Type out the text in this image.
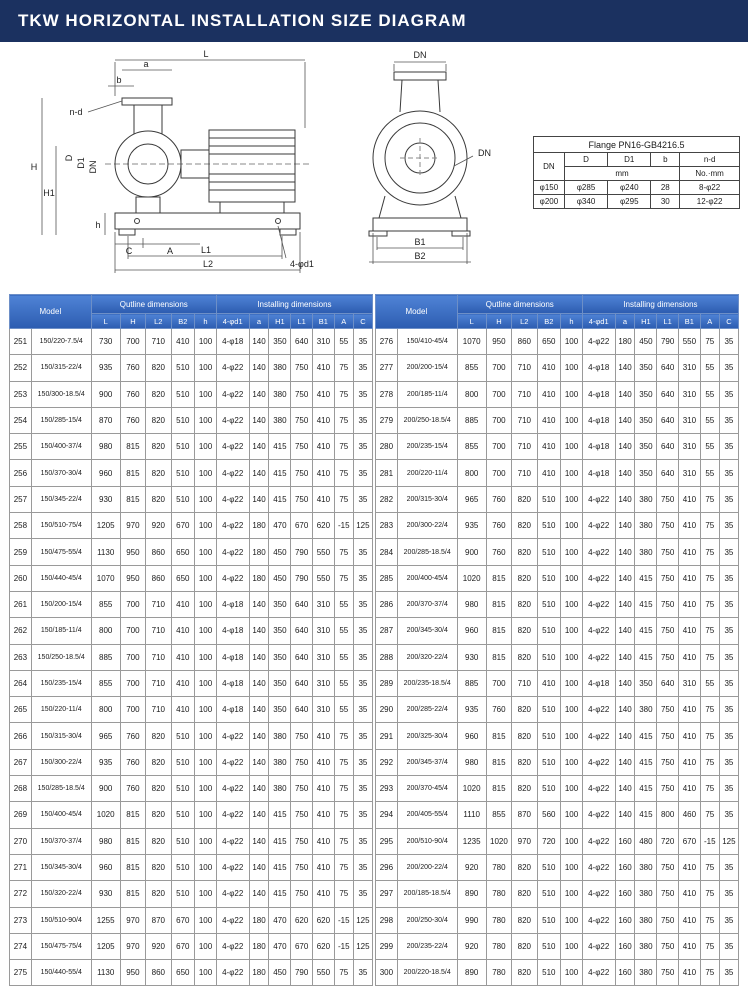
TKW HORIZONTAL INSTALLATION SIZE DIAGRAM
L
a
b
n-d
H
D D1 DN
H1
h
C	A	L1
L2	4-φd1
DN
DN
B1
B2
Flange PN16-GB4216.5				
DN	D	D1	b	n-d
	mm			No.·mm
φ150	φ285	φ240	28	8-φ22
φ200	φ340	φ295	30	12-φ22
Model		Qutline dimensions					Installing dimensions						
		L	H	L2	B2	h	4-φd1	a	H1	L1	B1	A	C
251	150/220-7.5/4	730	700	710	410	100	4-φ18	140	350	640	310	55	35
252	150/315-22/4	935	760	820	510	100	4-φ22	140	380	750	410	75	35
253	150/300-18.5/4	900	760	820	510	100	4-φ22	140	380	750	410	75	35
254	150/285-15/4	870	760	820	510	100	4-φ22	140	380	750	410	75	35
255	150/400-37/4	980	815	820	510	100	4-φ22	140	415	750	410	75	35
256	150/370-30/4	960	815	820	510	100	4-φ22	140	415	750	410	75	35
257	150/345-22/4	930	815	820	510	100	4-φ22	140	415	750	410	75	35
258	150/510-75/4	1205	970	920	670	100	4-φ22	180	470	670	620	-15	125
259	150/475-55/4	1130	950	860	650	100	4-φ22	180	450	790	550	75	35
260	150/440-45/4	1070	950	860	650	100	4-φ22	180	450	790	550	75	35
261	150/200-15/4	855	700	710	410	100	4-φ18	140	350	640	310	55	35
262	150/185-11/4	800	700	710	410	100	4-φ18	140	350	640	310	55	35
263	150/250-18.5/4	885	700	710	410	100	4-φ18	140	350	640	310	55	35
264	150/235-15/4	855	700	710	410	100	4-φ18	140	350	640	310	55	35
265	150/220-11/4	800	700	710	410	100	4-φ18	140	350	640	310	55	35
266	150/315-30/4	965	760	820	510	100	4-φ22	140	380	750	410	75	35
267	150/300-22/4	935	760	820	510	100	4-φ22	140	380	750	410	75	35
268	150/285-18.5/4	900	760	820	510	100	4-φ22	140	380	750	410	75	35
269	150/400-45/4	1020	815	820	510	100	4-φ22	140	415	750	410	75	35
270	150/370-37/4	980	815	820	510	100	4-φ22	140	415	750	410	75	35
271	150/345-30/4	960	815	820	510	100	4-φ22	140	415	750	410	75	35
272	150/320-22/4	930	815	820	510	100	4-φ22	140	415	750	410	75	35
273	150/510-90/4	1255	970	870	670	100	4-φ22	180	470	620	620	-15	125
274	150/475-75/4	1205	970	920	670	100	4-φ22	180	470	670	620	-15	125
275	150/440-55/4	1130	950	860	650	100	4-φ22	180	450	790	550	75	35
Model		Qutline dimensions					Installing dimensions						
		L	H	L2	B2	h	4-φd1	a	H1	L1	B1	A	C
276	150/410-45/4	1070	950	860	650	100	4-φ22	180	450	790	550	75	35
277	200/200-15/4	855	700	710	410	100	4-φ18	140	350	640	310	55	35
278	200/185-11/4	800	700	710	410	100	4-φ18	140	350	640	310	55	35
279	200/250-18.5/4	885	700	710	410	100	4-φ18	140	350	640	310	55	35
280	200/235-15/4	855	700	710	410	100	4-φ18	140	350	640	310	55	35
281	200/220-11/4	800	700	710	410	100	4-φ18	140	350	640	310	55	35
282	200/315-30/4	965	760	820	510	100	4-φ22	140	380	750	410	75	35
283	200/300-22/4	935	760	820	510	100	4-φ22	140	380	750	410	75	35
284	200/285-18.5/4	900	760	820	510	100	4-φ22	140	380	750	410	75	35
285	200/400-45/4	1020	815	820	510	100	4-φ22	140	415	750	410	75	35
286	200/370-37/4	980	815	820	510	100	4-φ22	140	415	750	410	75	35
287	200/345-30/4	960	815	820	510	100	4-φ22	140	415	750	410	75	35
288	200/320-22/4	930	815	820	510	100	4-φ22	140	415	750	410	75	35
289	200/235-18.5/4	885	700	710	410	100	4-φ18	140	350	640	310	55	35
290	200/285-22/4	935	760	820	510	100	4-φ22	140	380	750	410	75	35
291	200/325-30/4	960	815	820	510	100	4-φ22	140	415	750	410	75	35
292	200/345-37/4	980	815	820	510	100	4-φ22	140	415	750	410	75	35
293	200/370-45/4	1020	815	820	510	100	4-φ22	140	415	750	410	75	35
294	200/405-55/4	1110	855	870	560	100	4-φ22	140	415	800	460	75	35
295	200/510-90/4	1235	1020	970	720	100	4-φ22	160	480	720	670	-15	125
296	200/200-22/4	920	780	820	510	100	4-φ22	160	380	750	410	75	35
297	200/185-18.5/4	890	780	820	510	100	4-φ22	160	380	750	410	75	35
298	200/250-30/4	990	780	820	510	100	4-φ22	160	380	750	410	75	35
299	200/235-22/4	920	780	820	510	100	4-φ22	160	380	750	410	75	35
300	200/220-18.5/4	890	780	820	510	100	4-φ22	160	380	750	410	75	35
